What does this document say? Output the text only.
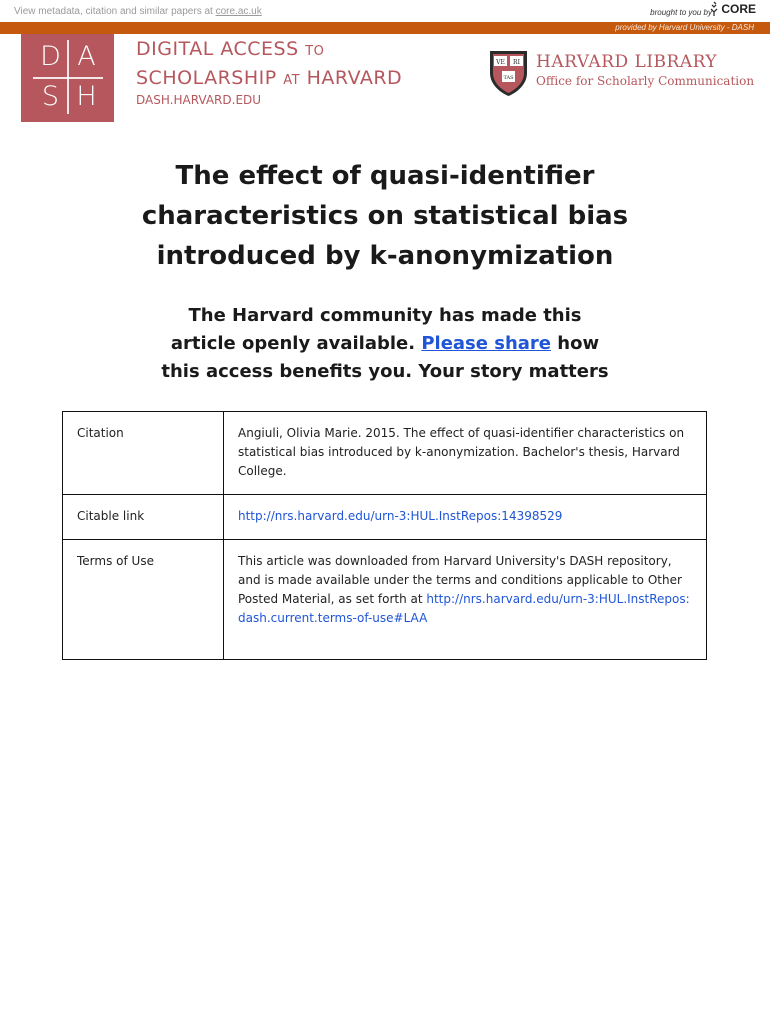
View metadata, citation and similar papers at core.ac.uk	brought to you by CORE
provided by Harvard University - DASH
D A
S H
DIGITAL ACCESS TO
SCHOLARSHIP AT HARVARD
DASH.HARVARD.EDU
VE RI
TAS
HARVARD LIBRARY
Office for Scholarly Communication
The effect of quasi-identifier
characteristics on statistical bias
introduced by k-anonymization
The Harvard community has made this
article openly available. Please share how
this access benefits you. Your story matters
Citation	Angiuli, Olivia Marie. 2015. The effect of quasi-identifier characteristics on statistical bias introduced by k-anonymization. Bachelor's thesis, Harvard College.
Citable link	http://nrs.harvard.edu/urn-3:HUL.InstRepos:14398529
Terms of Use	This article was downloaded from Harvard University's DASH repository, and is made available under the terms and conditions applicable to Other Posted Material, as set forth at http://nrs.harvard.edu/urn-3:HUL.InstRepos:dash.current.terms-of-use#LAA
